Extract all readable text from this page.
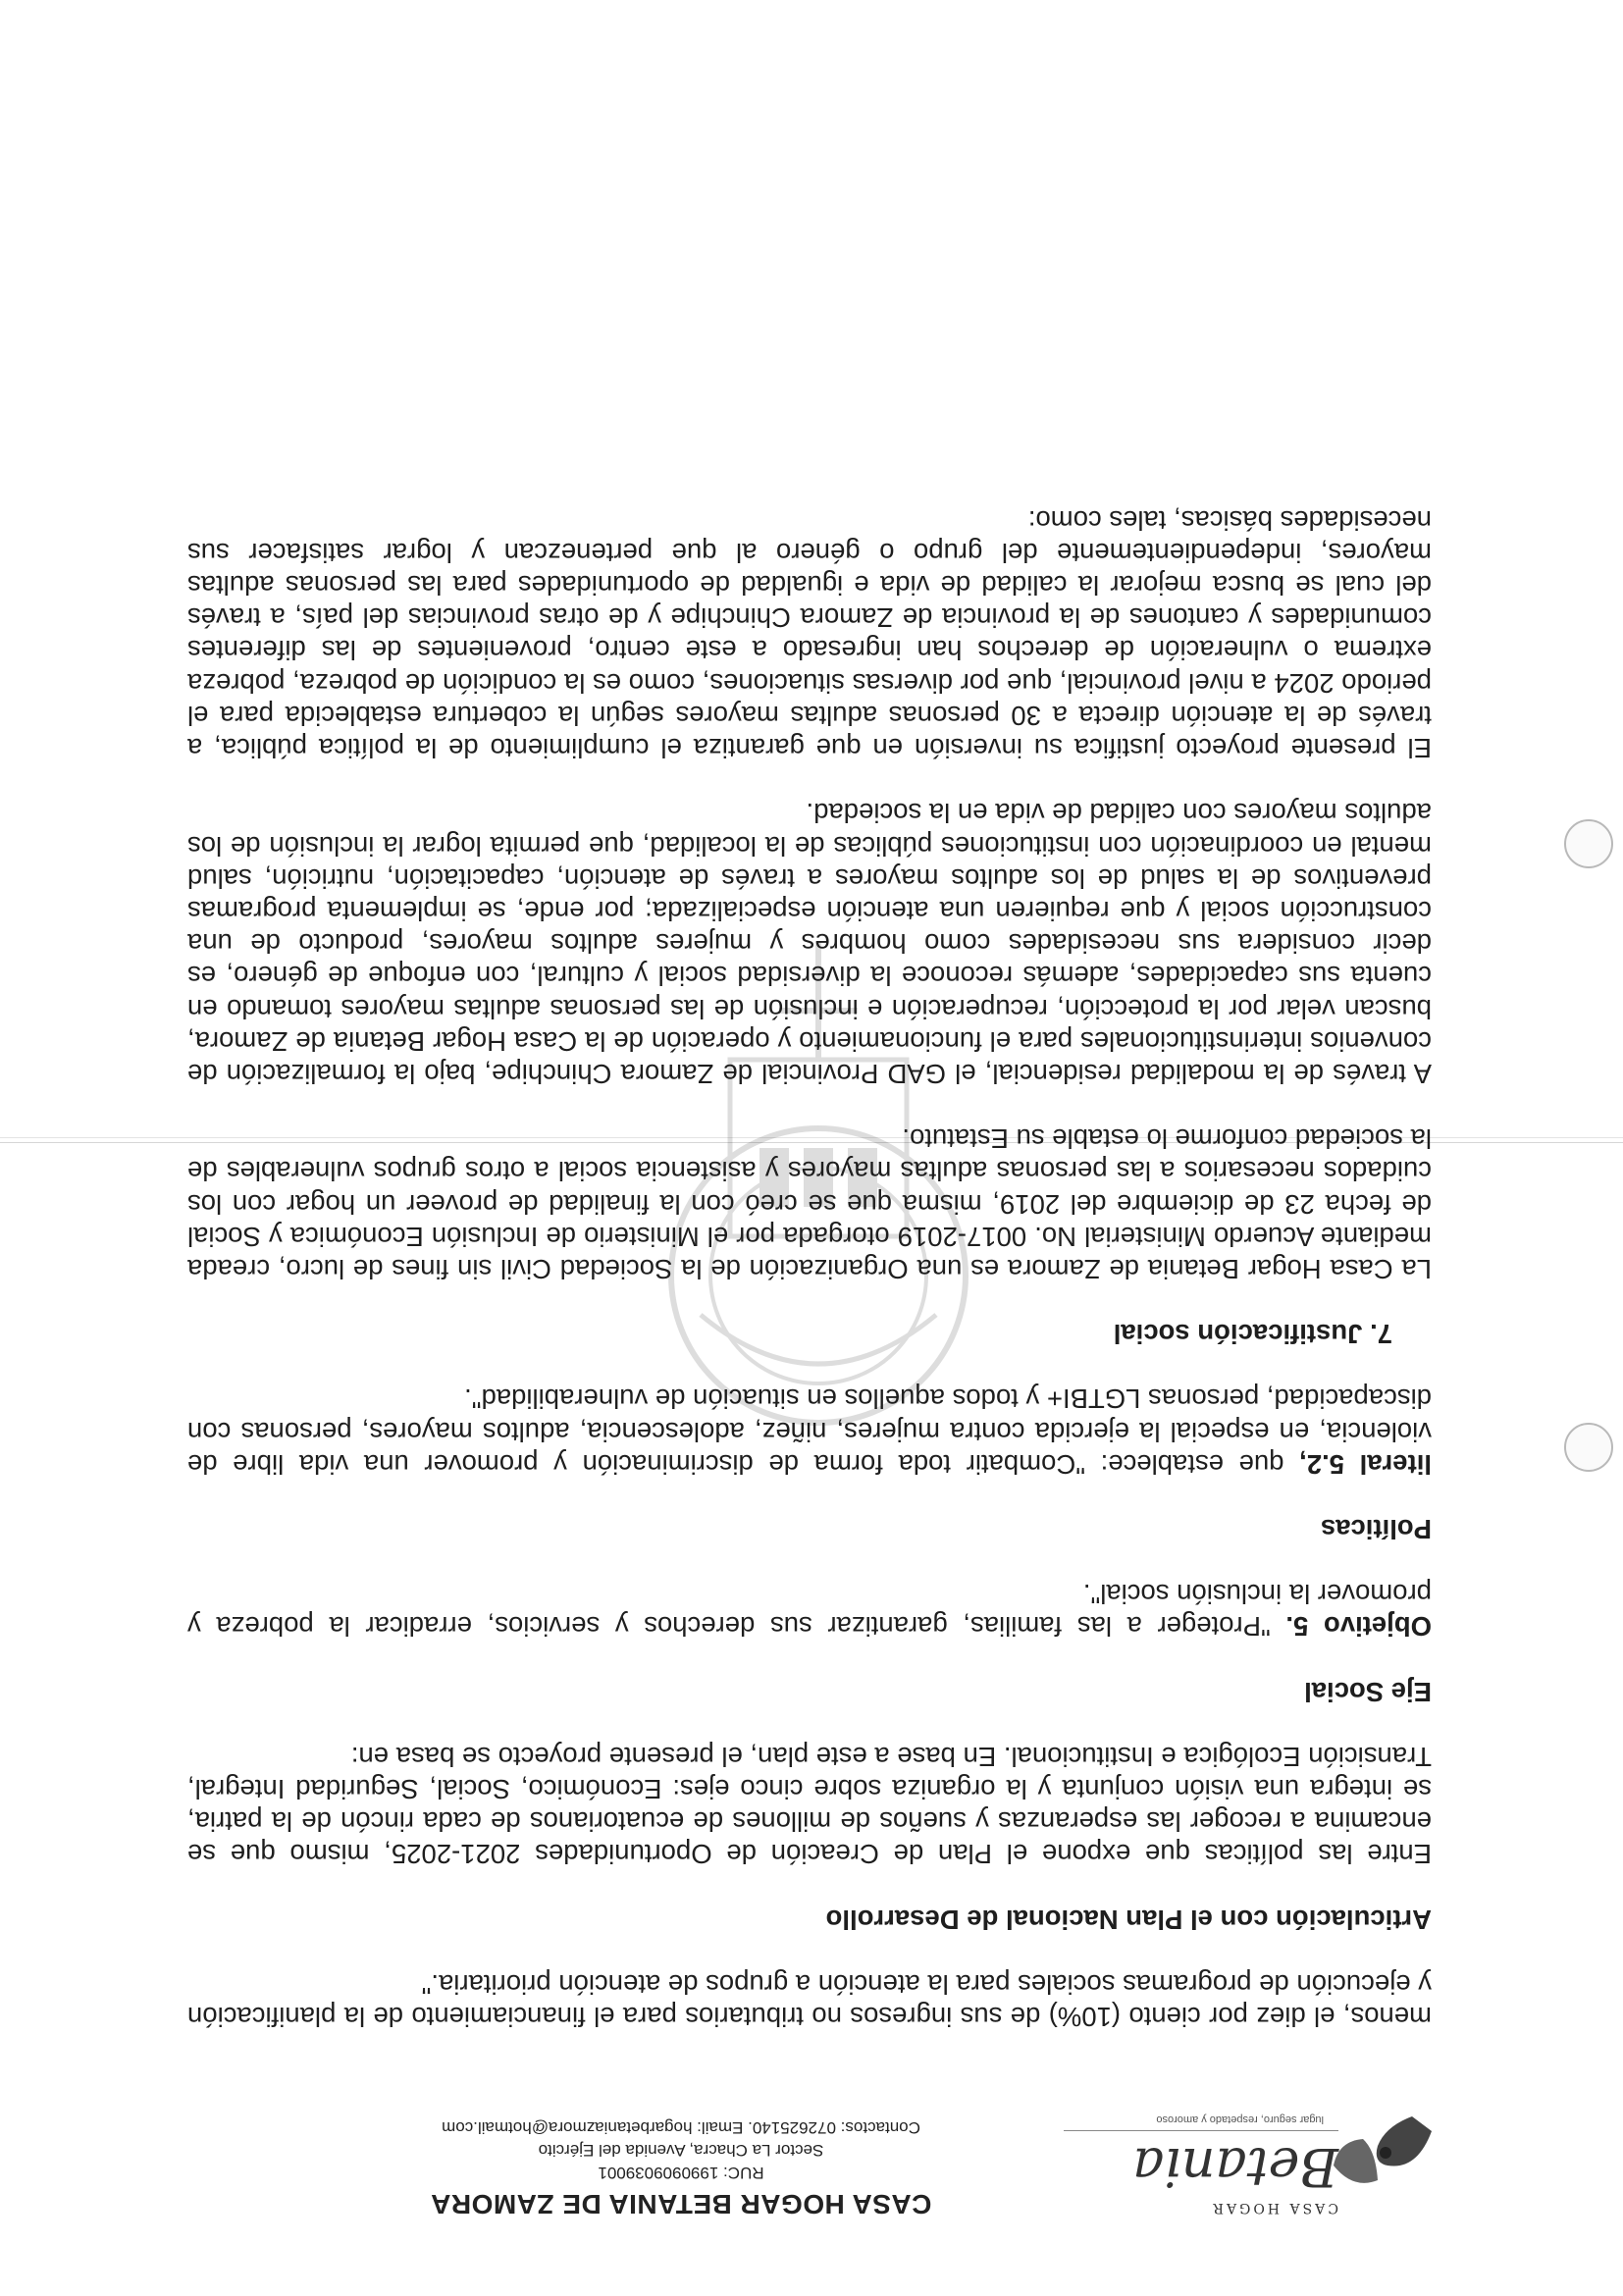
CASA HOGAR
Betania
lugar seguro, respetado y amoroso

CASA HOGAR BETANIA DE ZAMORA

RUC: 1990909039001

Sector La Chacra, Avenida del Ejército

Contactos: 072625140. Email: hogarbetaniazmora@hotmail.com

menos, el diez por ciento (10%) de sus ingresos no tributarios para el financiamiento de la planificación y ejecución de programas sociales para la atención a grupos de atención prioritaria."

Articulación con el Plan Nacional de Desarrollo

Entre las políticas que expone el Plan de Creación de Oportunidades 2021-2025, mismo que se encamina a recoger las esperanzas y sueños de millones de ecuatorianos de cada rincón de la patria, se integra una visión conjunta y la organiza sobre cinco ejes: Económico, Social, Seguridad Integral, Transición Ecológica e Institucional. En base a este plan, el presente proyecto se basa en:

Eje Social

Objetivo 5. "Proteger a las familias, garantizar sus derechos y servicios, erradicar la pobreza y promover la inclusión social".

Políticas

literal 5.2, que establece: "Combatir toda forma de discriminación y promover una vida libre de violencia, en especial la ejercida contra mujeres, niñez, adolescencia, adultos mayores, personas con discapacidad, personas LGTBI+ y todos aquellos en situación de vulnerabilidad".

7. Justificación social

La Casa Hogar Betania de Zamora es una Organización de la Sociedad Civil sin fines de lucro, creada mediante Acuerdo Ministerial No. 0017-2019 otorgada por el Ministerio de Inclusión Económica y Social de fecha 23 de diciembre del 2019, misma que se creó con la finalidad de proveer un hogar con los cuidados necesarios a las personas adultas mayores y asistencia social a otros grupos vulnerables de la sociedad conforme lo estable su Estatuto.

A través de la modalidad residencial, el GAD Provincial de Zamora Chinchipe, bajo la formalización de convenios interinstitucionales para el funcionamiento y operación de la Casa Hogar Betania de Zamora, buscan velar por la protección, recuperación e inclusión de las personas adultas mayores tomando en cuenta sus capacidades, además reconoce la diversidad social y cultural, con enfoque de género, es decir considera sus necesidades como hombres y mujeres adultos mayores, producto de una construcción social y que requieren una atención especializada; por ende, se implementa programas preventivos de la salud de los adultos mayores a través de atención, capacitación, nutrición, salud mental en coordinación con instituciones públicas de la localidad, que permita lograr la inclusión de los adultos mayores con calidad de vida en la sociedad.

El presente proyecto justifica su inversión en que garantiza el cumplimiento de la política pública, a través de la atención directa a 30 personas adultas mayores según la cobertura establecida para el periodo 2024 a nivel provincial, que por diversas situaciones, como es la condición de pobreza, pobreza extrema o vulneración de derechos han ingresado a este centro, provenientes de las diferentes comunidades y cantones de la provincia de Zamora Chinchipe y de otras provincias del país, a través del cual se busca mejorar la calidad de vida e igualdad de oportunidades para las personas adultas mayores, independientemente del grupo o género al que pertenezcan y lograr satisfacer sus necesidades básicas, tales como:
